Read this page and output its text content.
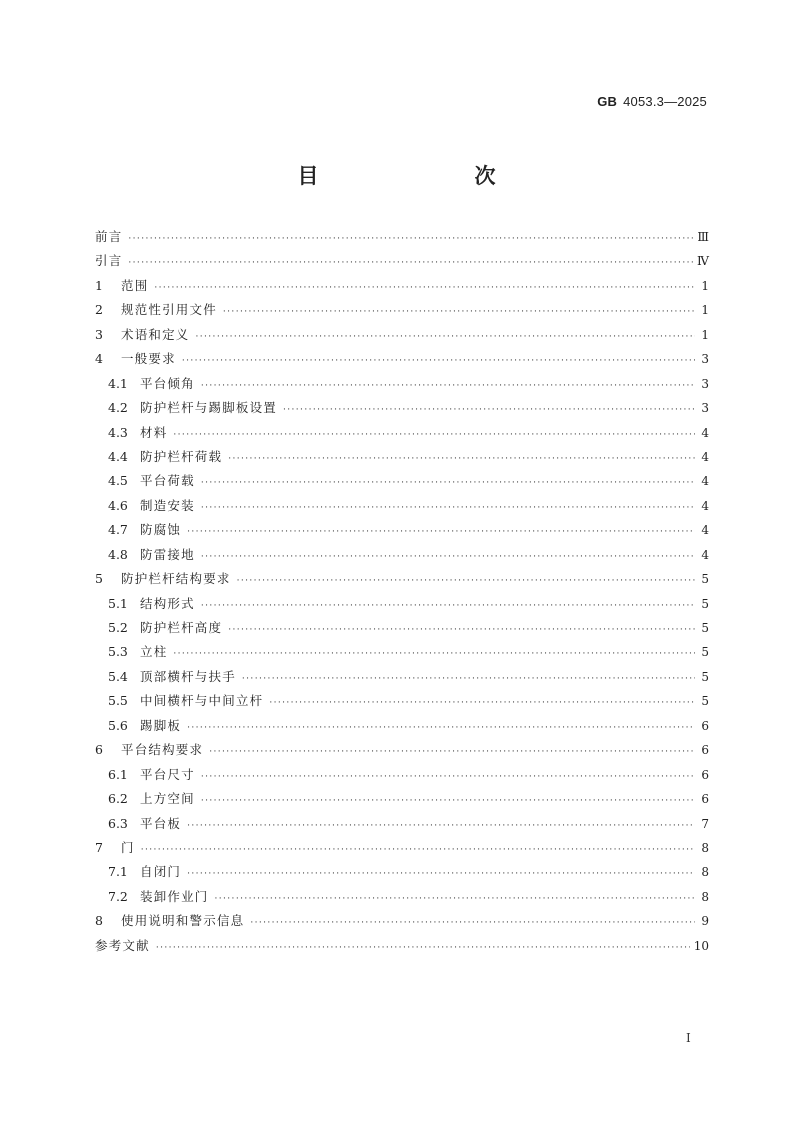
GB 4053.3—2025
目　　次
前言 ·····	Ⅲ
引言 ·····	Ⅳ
1	范围 ·····	1
2	规范性引用文件 ·····	1
3	术语和定义 ·····	1
4	一般要求 ·····	3
4.1 平台倾角 ·····	3
4.2 防护栏杆与踢脚板设置 ·····	3
4.3 材料 ·····	4
4.4 防护栏杆荷载 ·····	4
4.5 平台荷载 ·····	4
4.6 制造安装 ·····	4
4.7 防腐蚀 ·····	4
4.8 防雷接地 ·····	4
5	防护栏杆结构要求 ·····	5
5.1 结构形式 ·····	5
5.2 防护栏杆高度 ·····	5
5.3 立柱 ·····	5
5.4 顶部横杆与扶手 ·····	5
5.5 中间横杆与中间立杆 ·····	5
5.6 踢脚板 ·····	6
6	平台结构要求 ·····	6
6.1 平台尺寸 ·····	6
6.2 上方空间 ·····	6
6.3 平台板 ·····	7
7	门 ·····	8
7.1 自闭门 ·····	8
7.2 装卸作业门 ·····	8
8	使用说明和警示信息 ·····	9
参考文献 ·····	10
I
